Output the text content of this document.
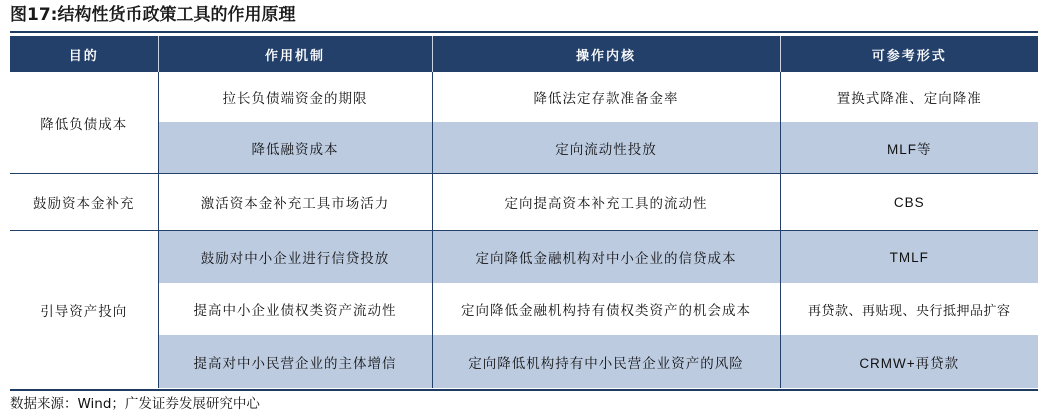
图17:结构性货币政策工具的作用原理
目的	作用机制	操作内核	可参考形式
降低负债成本	拉长负债端资金的期限	降低法定存款准备金率	置换式降准、定向降准
	降低融资成本	定向流动性投放	MLF等
鼓励资本金补充	激活资本金补充工具市场活力	定向提高资本补充工具的流动性	CBS
引导资产投向	鼓励对中小企业进行信贷投放	定向降低金融机构对中小企业的信贷成本	TMLF
	提高中小企业债权类资产流动性	定向降低金融机构持有债权类资产的机会成本	再贷款、再贴现、央行抵押品扩容
	提高对中小民营企业的主体增信	定向降低机构持有中小民营企业资产的风险	CRMW+再贷款
数据来源：Wind；广发证券发展研究中心
